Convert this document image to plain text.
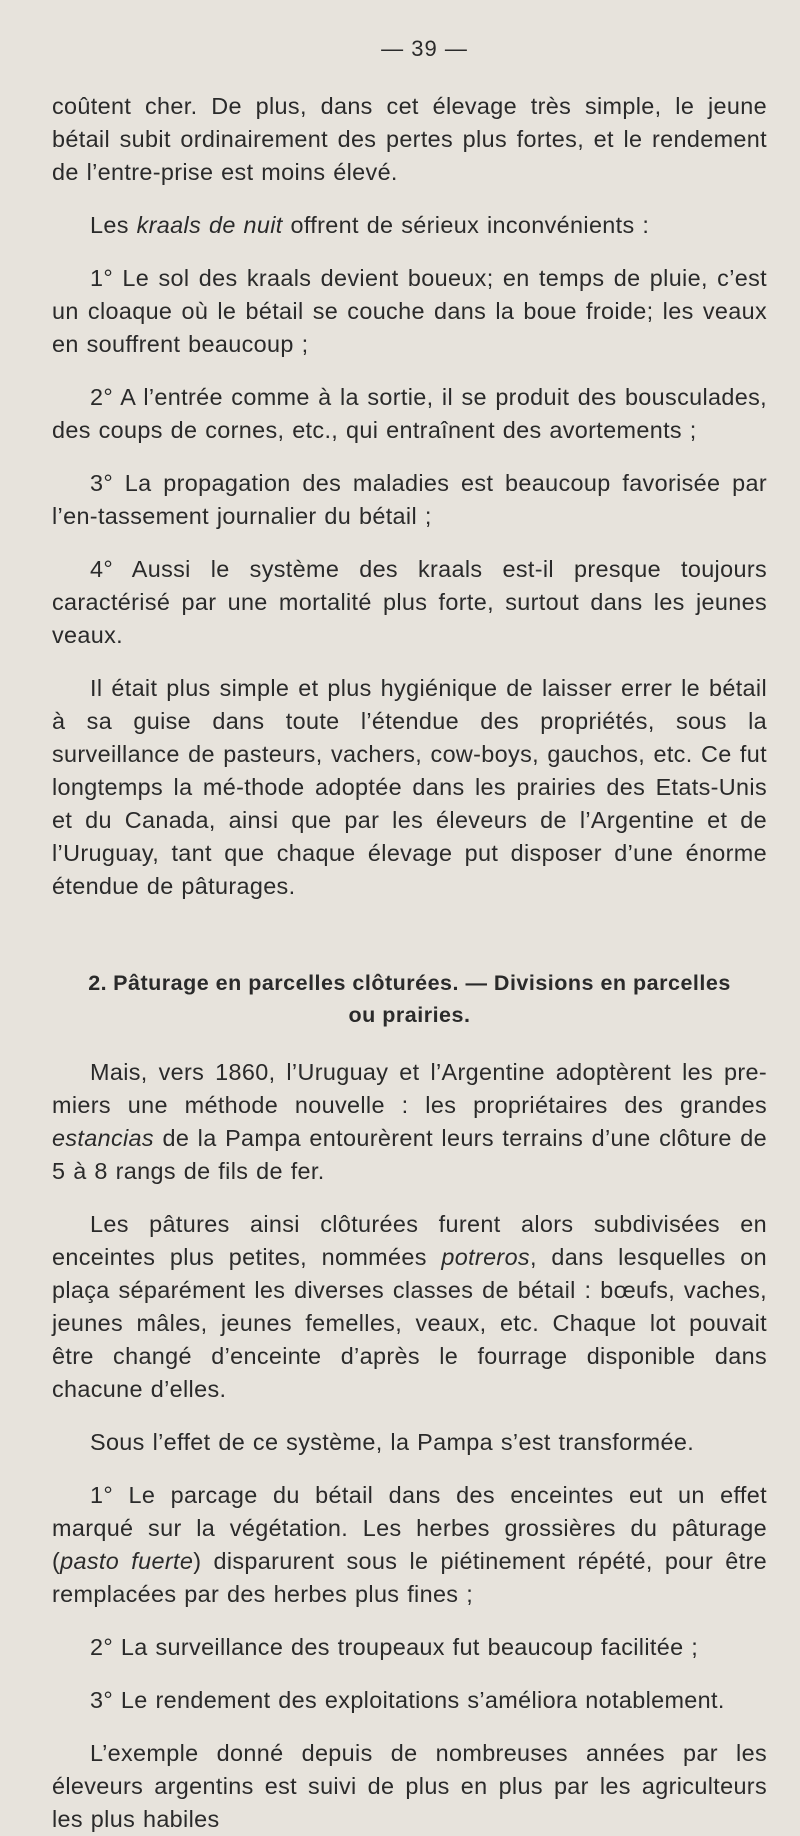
— 39 —

coûtent cher. De plus, dans cet élevage très simple, le jeune bétail subit ordinairement des pertes plus fortes, et le rendement de l’entre-prise est moins élevé.

Les kraals de nuit offrent de sérieux inconvénients :

1° Le sol des kraals devient boueux; en temps de pluie, c’est un cloaque où le bétail se couche dans la boue froide; les veaux en souffrent beaucoup ;

2° A l’entrée comme à la sortie, il se produit des bousculades, des coups de cornes, etc., qui entraînent des avortements ;

3° La propagation des maladies est beaucoup favorisée par l’en-tassement journalier du bétail ;

4° Aussi le système des kraals est-il presque toujours caractérisé par une mortalité plus forte, surtout dans les jeunes veaux.

Il était plus simple et plus hygiénique de laisser errer le bétail à sa guise dans toute l’étendue des propriétés, sous la surveillance de pasteurs, vachers, cow-boys, gauchos, etc. Ce fut longtemps la mé-thode adoptée dans les prairies des Etats-Unis et du Canada, ainsi que par les éleveurs de l’Argentine et de l’Uruguay, tant que chaque élevage put disposer d’une énorme étendue de pâturages.

2. Pâturage en parcelles clôturées. — Divisions en parcelles
ou prairies.

Mais, vers 1860, l’Uruguay et l’Argentine adoptèrent les pre-miers une méthode nouvelle : les propriétaires des grandes estancias de la Pampa entourèrent leurs terrains d’une clôture de 5 à 8 rangs de fils de fer.

Les pâtures ainsi clôturées furent alors subdivisées en enceintes plus petites, nommées potreros, dans lesquelles on plaça séparément les diverses classes de bétail : bœufs, vaches, jeunes mâles, jeunes femelles, veaux, etc. Chaque lot pouvait être changé d’enceinte d’après le fourrage disponible dans chacune d’elles.

Sous l’effet de ce système, la Pampa s’est transformée.

1° Le parcage du bétail dans des enceintes eut un effet marqué sur la végétation. Les herbes grossières du pâturage (pasto fuerte) disparurent sous le piétinement répété, pour être remplacées par des herbes plus fines ;

2° La surveillance des troupeaux fut beaucoup facilitée ;

3° Le rendement des exploitations s’améliora notablement.

L’exemple donné depuis de nombreuses années par les éleveurs argentins est suivi de plus en plus par les agriculteurs les plus habiles
